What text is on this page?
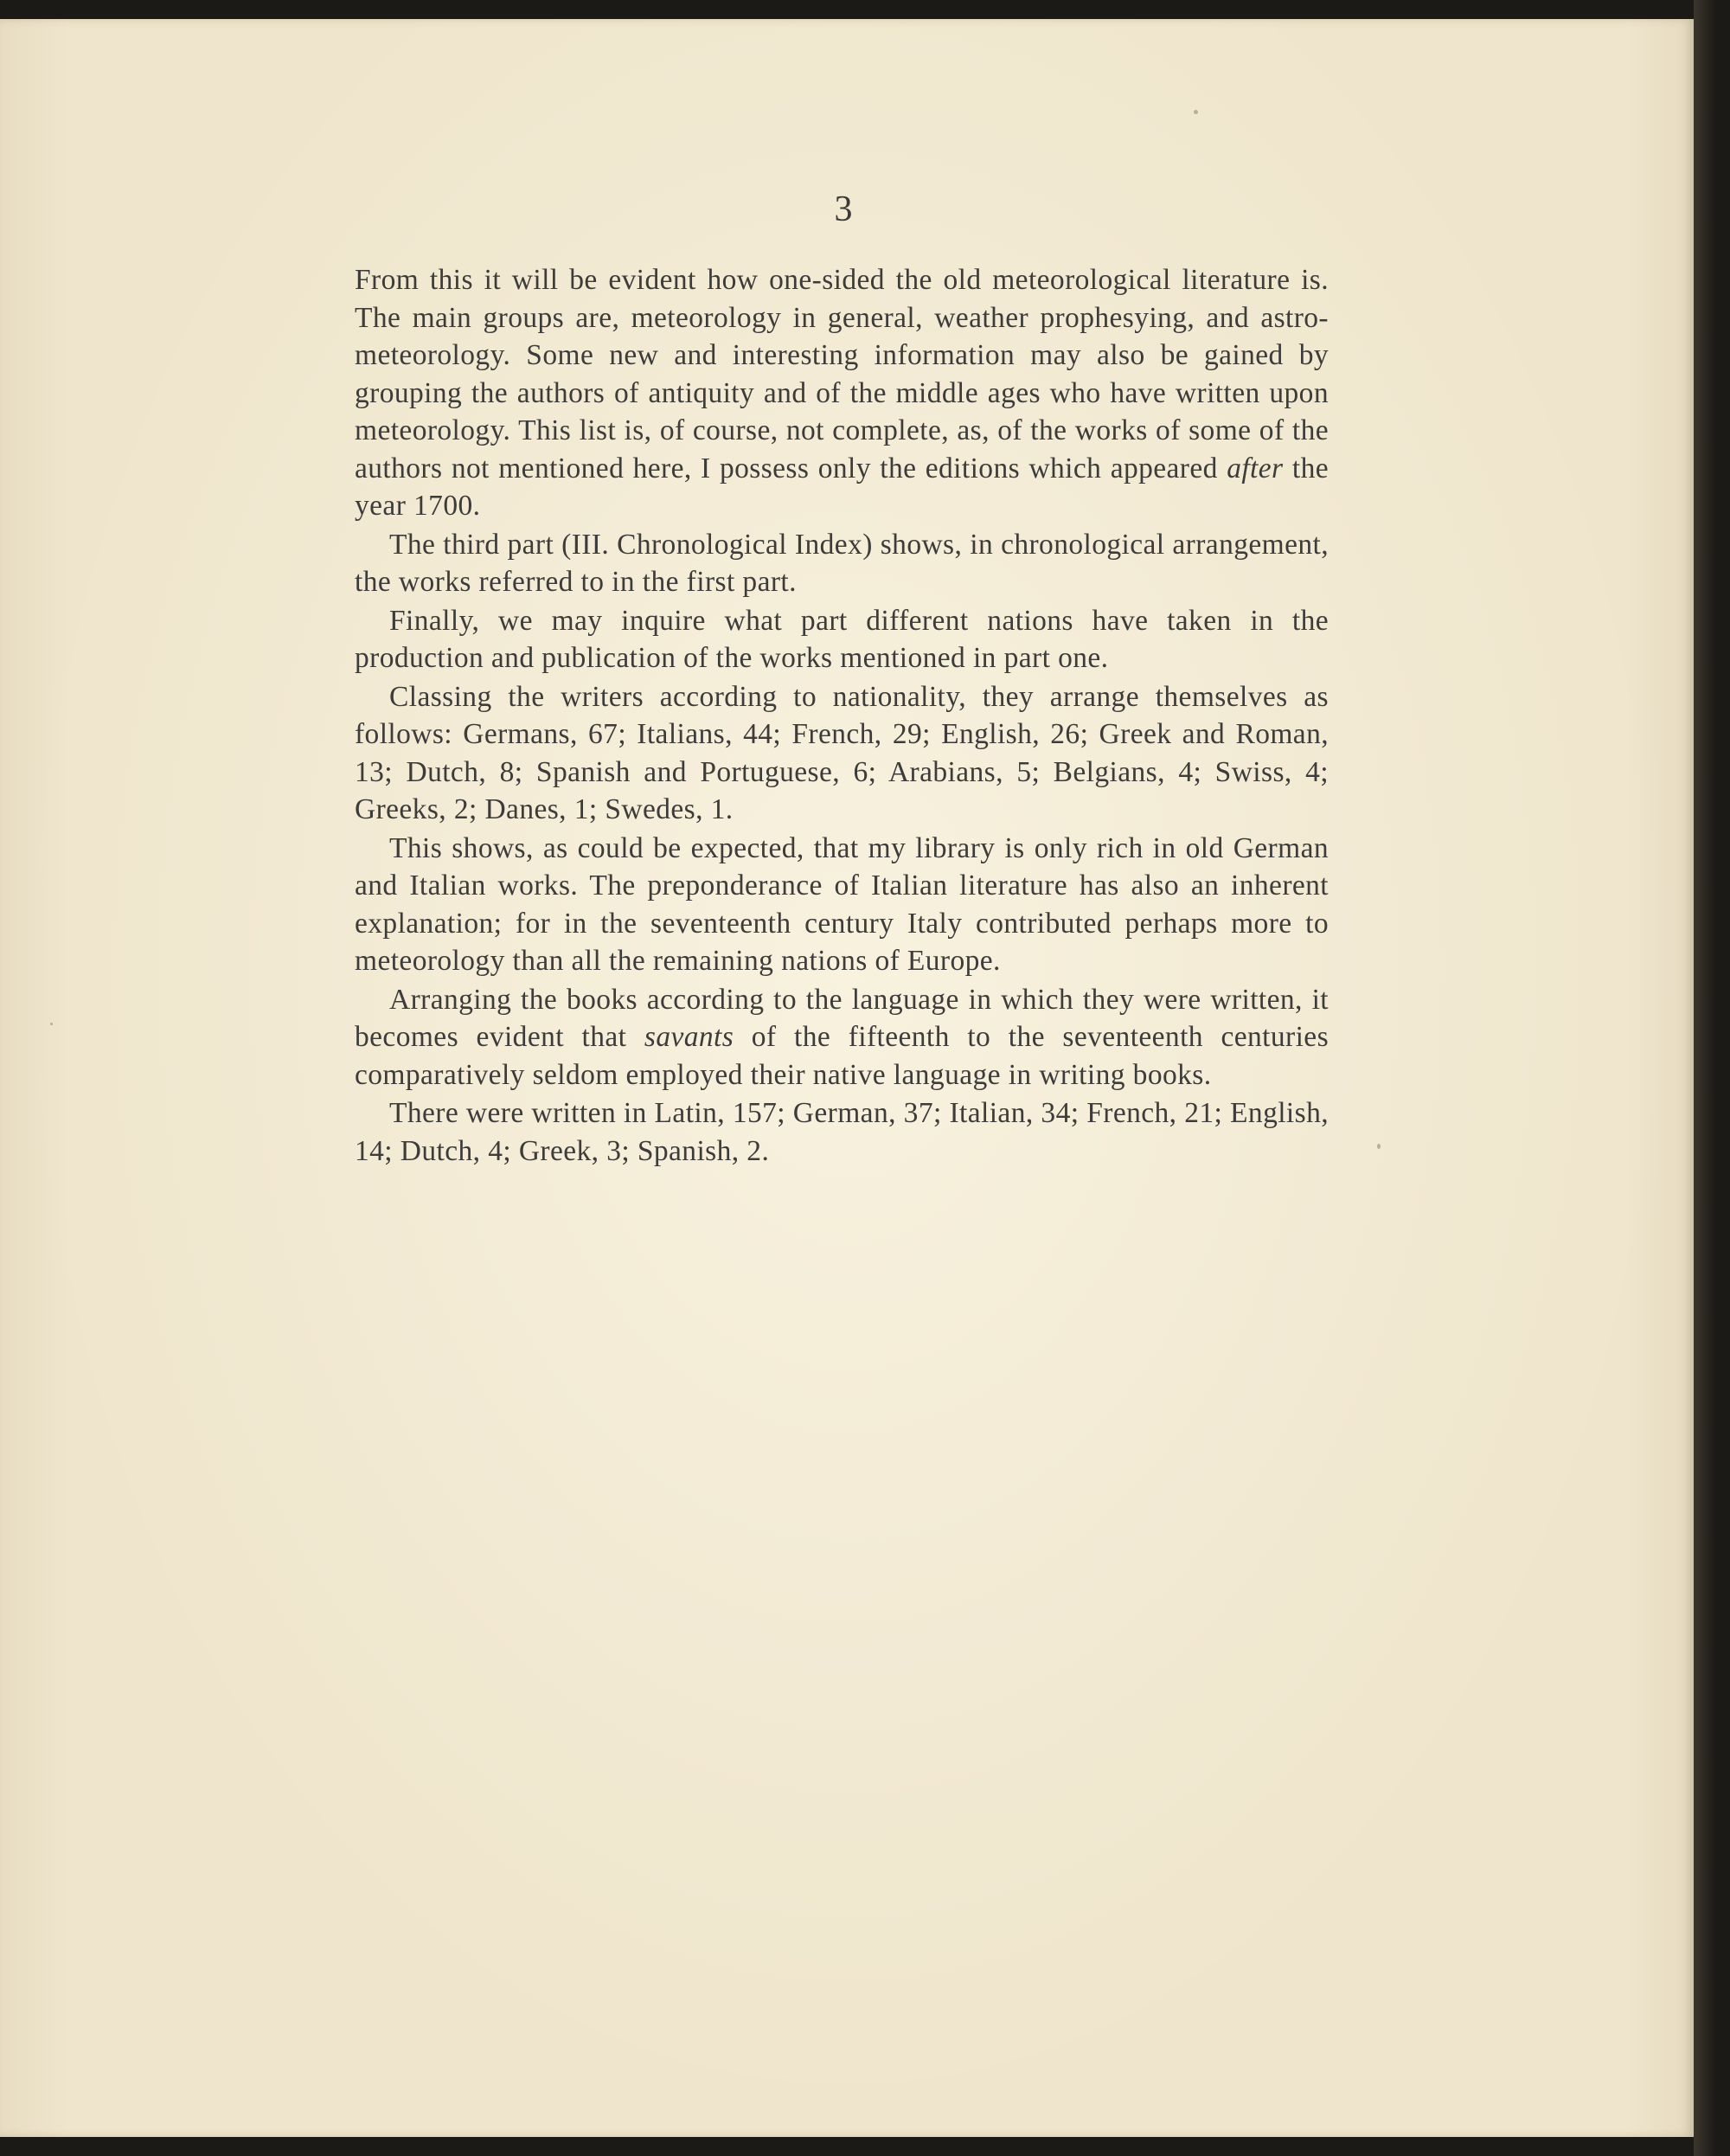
3

From this it will be evident how one-sided the old meteorological literature is. The main groups are, meteorology in general, weather prophesying, and astro-meteorology. Some new and interesting information may also be gained by grouping the authors of antiquity and of the middle ages who have written upon meteorology. This list is, of course, not complete, as, of the works of some of the authors not mentioned here, I possess only the editions which appeared after the year 1700.

The third part (III. Chronological Index) shows, in chronological arrangement, the works referred to in the first part.

Finally, we may inquire what part different nations have taken in the production and publication of the works mentioned in part one.

Classing the writers according to nationality, they arrange themselves as follows: Germans, 67; Italians, 44; French, 29; English, 26; Greek and Roman, 13; Dutch, 8; Spanish and Portuguese, 6; Arabians, 5; Belgians, 4; Swiss, 4; Greeks, 2; Danes, 1; Swedes, 1.

This shows, as could be expected, that my library is only rich in old German and Italian works. The preponderance of Italian literature has also an inherent explanation; for in the seventeenth century Italy contributed perhaps more to meteorology than all the remaining nations of Europe.

Arranging the books according to the language in which they were written, it becomes evident that savants of the fifteenth to the seventeenth centuries comparatively seldom employed their native language in writing books.

There were written in Latin, 157; German, 37; Italian, 34; French, 21; English, 14; Dutch, 4; Greek, 3; Spanish, 2.
